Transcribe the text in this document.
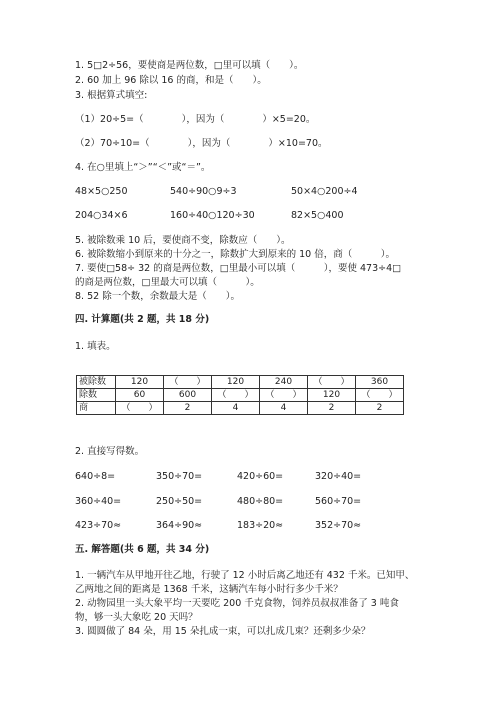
1. 5□2÷56，要使商是两位数，□里可以填（　　）。
2. 60 加上 96 除以 16 的商，和是（　　）。
3. 根据算式填空:
（1）20÷5=（　　　　），因为（　　　　）×5=20。
（2）70÷10=（　　　　），因为（　　　　）×10=70。
4. 在○里填上“＞”“＜”或“＝”。
48×5○250	540÷90○9÷3	50×4○200÷4
204○34×6	160÷40○120÷30	82×5○400
5. 被除数乘 10 后，要使商不变，除数应（　　）。
6. 被除数缩小到原来的十分之一，除数扩大到原来的 10 倍，商（　　　）。
7. 要使□58÷ 32 的商是两位数，□里最小可以填（　　　），要使 473÷4□
的商是两位数，□里最大可以填（　　　）。
8. 52 除一个数，余数最大是（　　）。
四. 计算题(共 2 题，共 18 分)
1. 填表。
被除数	120	（　　）	120	240	（　　）	360
除数	60	600	（　　）	（　　）	120	（　　）
商	（　　）	2	4	4	2	2
2. 直接写得数。
640÷8=	350÷70=	420÷60=	320÷40=
360÷40=	250÷50=	480÷80=	560÷70=
423÷70≈	364÷90≈	183÷20≈	352÷70≈
五. 解答题(共 6 题，共 34 分)
1. 一辆汽车从甲地开往乙地，行驶了 12 小时后离乙地还有 432 千米。已知甲、
乙两地之间的距离是 1368 千米，这辆汽车每小时行多少千米？
2. 动物园里一头大象平均一天要吃 200 千克食物，饲养员叔叔准备了 3 吨食
物，够一头大象吃 20 天吗？
3. 圆圆做了 84 朵，用 15 朵扎成一束，可以扎成几束？还剩多少朵？
